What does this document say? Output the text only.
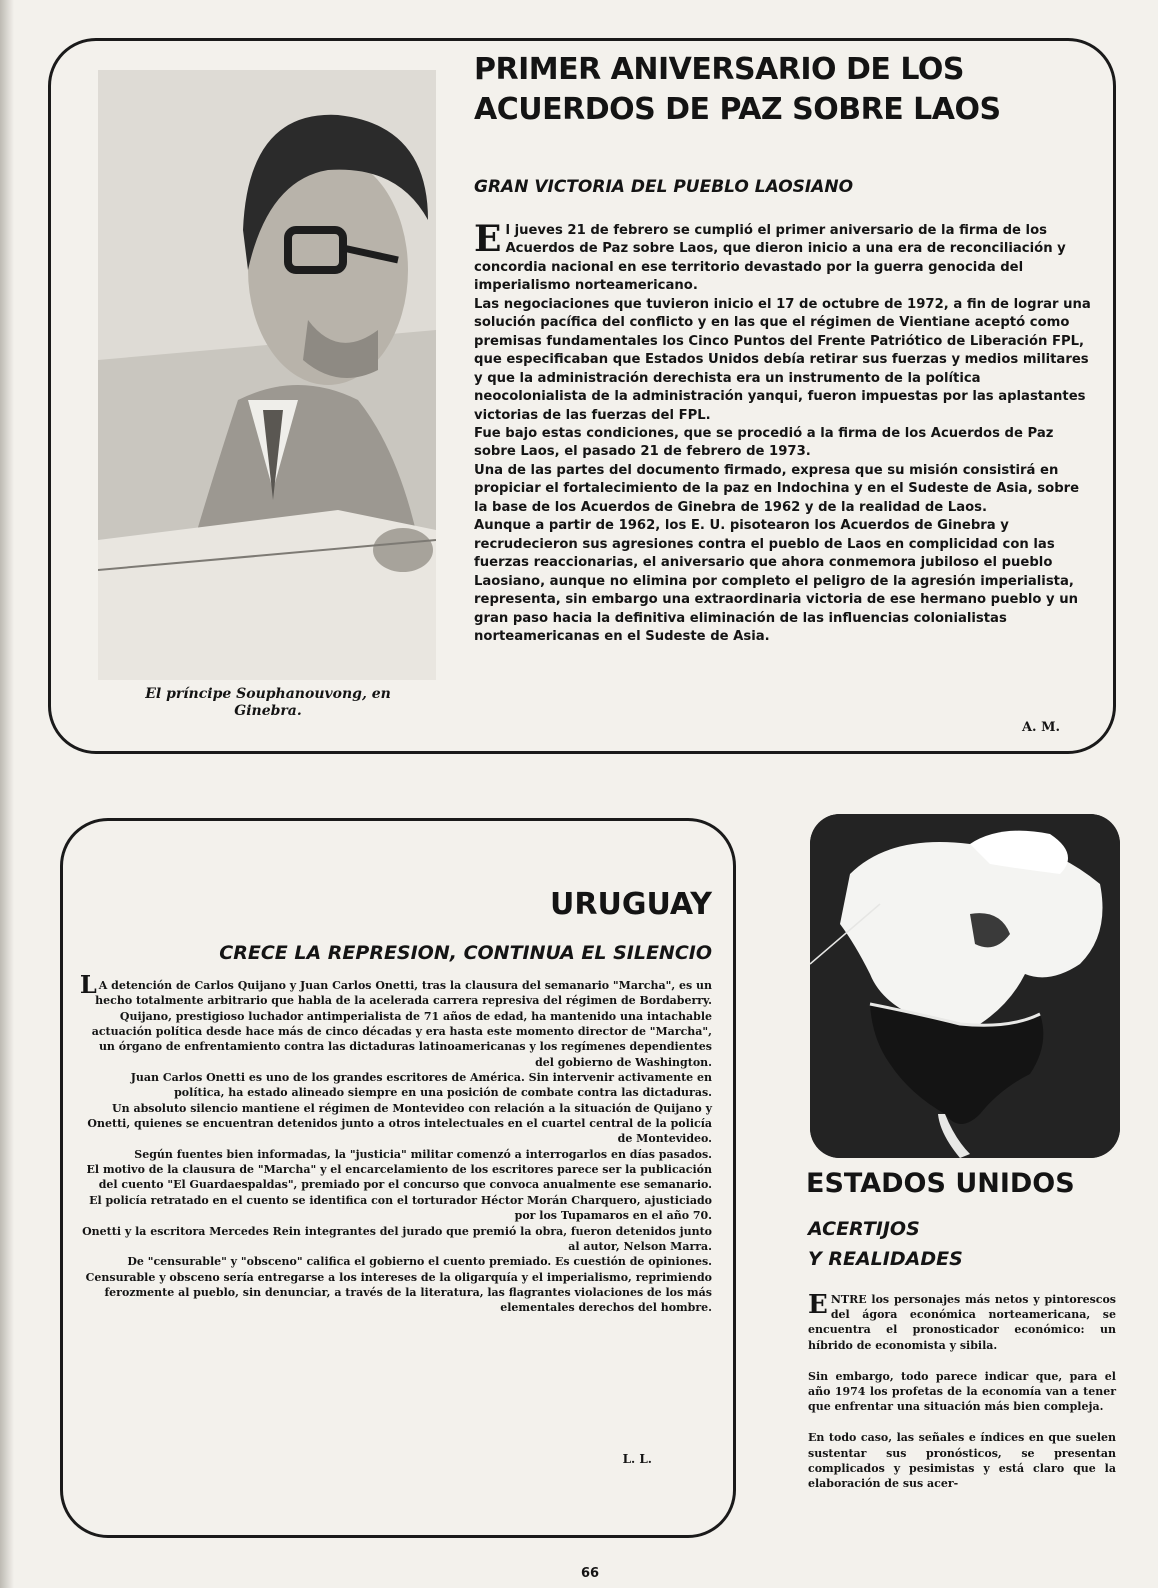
El príncipe Souphanouvong, en Ginebra.
PRIMER ANIVERSARIO DE LOS ACUERDOS DE PAZ SOBRE LAOS
GRAN VICTORIA DEL PUEBLO LAOSIANO
E l jueves 21 de febrero se cumplió el primer aniversario de la firma de los Acuerdos de Paz sobre Laos, que dieron inicio a una era de reconciliación y concordia nacional en ese territorio devastado por la guerra genocida del imperialismo norteamericano.

Las negociaciones que tuvieron inicio el 17 de octubre de 1972, a fin de lograr una solución pacífica del conflicto y en las que el régimen de Vientiane aceptó como premisas fundamentales los Cinco Puntos del Frente Patriótico de Liberación FPL, que especificaban que Estados Unidos debía retirar sus fuerzas y medios militares y que la administración derechista era un instrumento de la política neocolonialista de la administración yanqui, fueron impuestas por las aplastantes victorias de las fuerzas del FPL.

Fue bajo estas condiciones, que se procedió a la firma de los Acuerdos de Paz sobre Laos, el pasado 21 de febrero de 1973.

Una de las partes del documento firmado, expresa que su misión consistirá en propiciar el fortalecimiento de la paz en Indochina y en el Sudeste de Asia, sobre la base de los Acuerdos de Ginebra de 1962 y de la realidad de Laos.

Aunque a partir de 1962, los E. U. pisotearon los Acuerdos de Ginebra y recrudecieron sus agresiones contra el pueblo de Laos en complicidad con las fuerzas reaccionarias, el aniversario que ahora conmemora jubiloso el pueblo Laosiano, aunque no elimina por completo el peligro de la agresión imperialista, representa, sin embargo una extraordinaria victoria de ese hermano pueblo y un gran paso hacia la definitiva eliminación de las influencias colonialistas norteamericanas en el Sudeste de Asia.

A. M.
URUGUAY
CRECE LA REPRESION, CONTINUA EL SILENCIO

L A detención de Carlos Quijano y Juan Carlos Onetti, tras la clausura del semanario "Marcha", es un hecho totalmente arbitrario que habla de la acelerada carrera represiva del régimen de Bordaberry. Quijano, prestigioso luchador antimperialista de 71 años de edad, ha mantenido una intachable actuación política desde hace más de cinco décadas y era hasta este momento director de "Marcha", un órgano de enfrentamiento contra las dictaduras latinoamericanas y los regímenes dependientes del gobierno de Washington.

Juan Carlos Onetti es uno de los grandes escritores de América. Sin intervenir activamente en política, ha estado alineado siempre en una posición de combate contra las dictaduras.

Un absoluto silencio mantiene el régimen de Montevideo con relación a la situación de Quijano y Onetti, quienes se encuentran detenidos junto a otros intelectuales en el cuartel central de la policía de Montevideo.

Según fuentes bien informadas, la "justicia" militar comenzó a interrogarlos en días pasados.

El motivo de la clausura de "Marcha" y el encarcelamiento de los escritores parece ser la publicación del cuento "El Guardaespaldas", premiado por el concurso que convoca anualmente ese semanario.

El policía retratado en el cuento se identifica con el torturador Héctor Morán Charquero, ajusticiado por los Tupamaros en el año 70.

Onetti y la escritora Mercedes Rein integrantes del jurado que premió la obra, fueron detenidos junto al autor, Nelson Marra.

De "censurable" y "obsceno" califica el gobierno el cuento premiado. Es cuestión de opiniones. Censurable y obsceno sería entregarse a los intereses de la oligarquía y el imperialismo, reprimiendo ferozmente al pueblo, sin denunciar, a través de la literatura, las flagrantes violaciones de los más elementales derechos del hombre.

L. L.
ESTADOS UNIDOS
ACERTIJOS
Y REALIDADES
E NTRE los personajes más netos y pintorescos del ágora económica norteamericana, se encuentra el pronosticador económico: un híbrido de economista y sibila.

Sin embargo, todo parece indicar que, para el año 1974 los profetas de la economía van a tener que enfrentar una situación más bien compleja.

En todo caso, las señales e índices en que suelen sustentar sus pronósticos, se presentan complicados y pesimistas y está claro que la elaboración de sus acer-

66
